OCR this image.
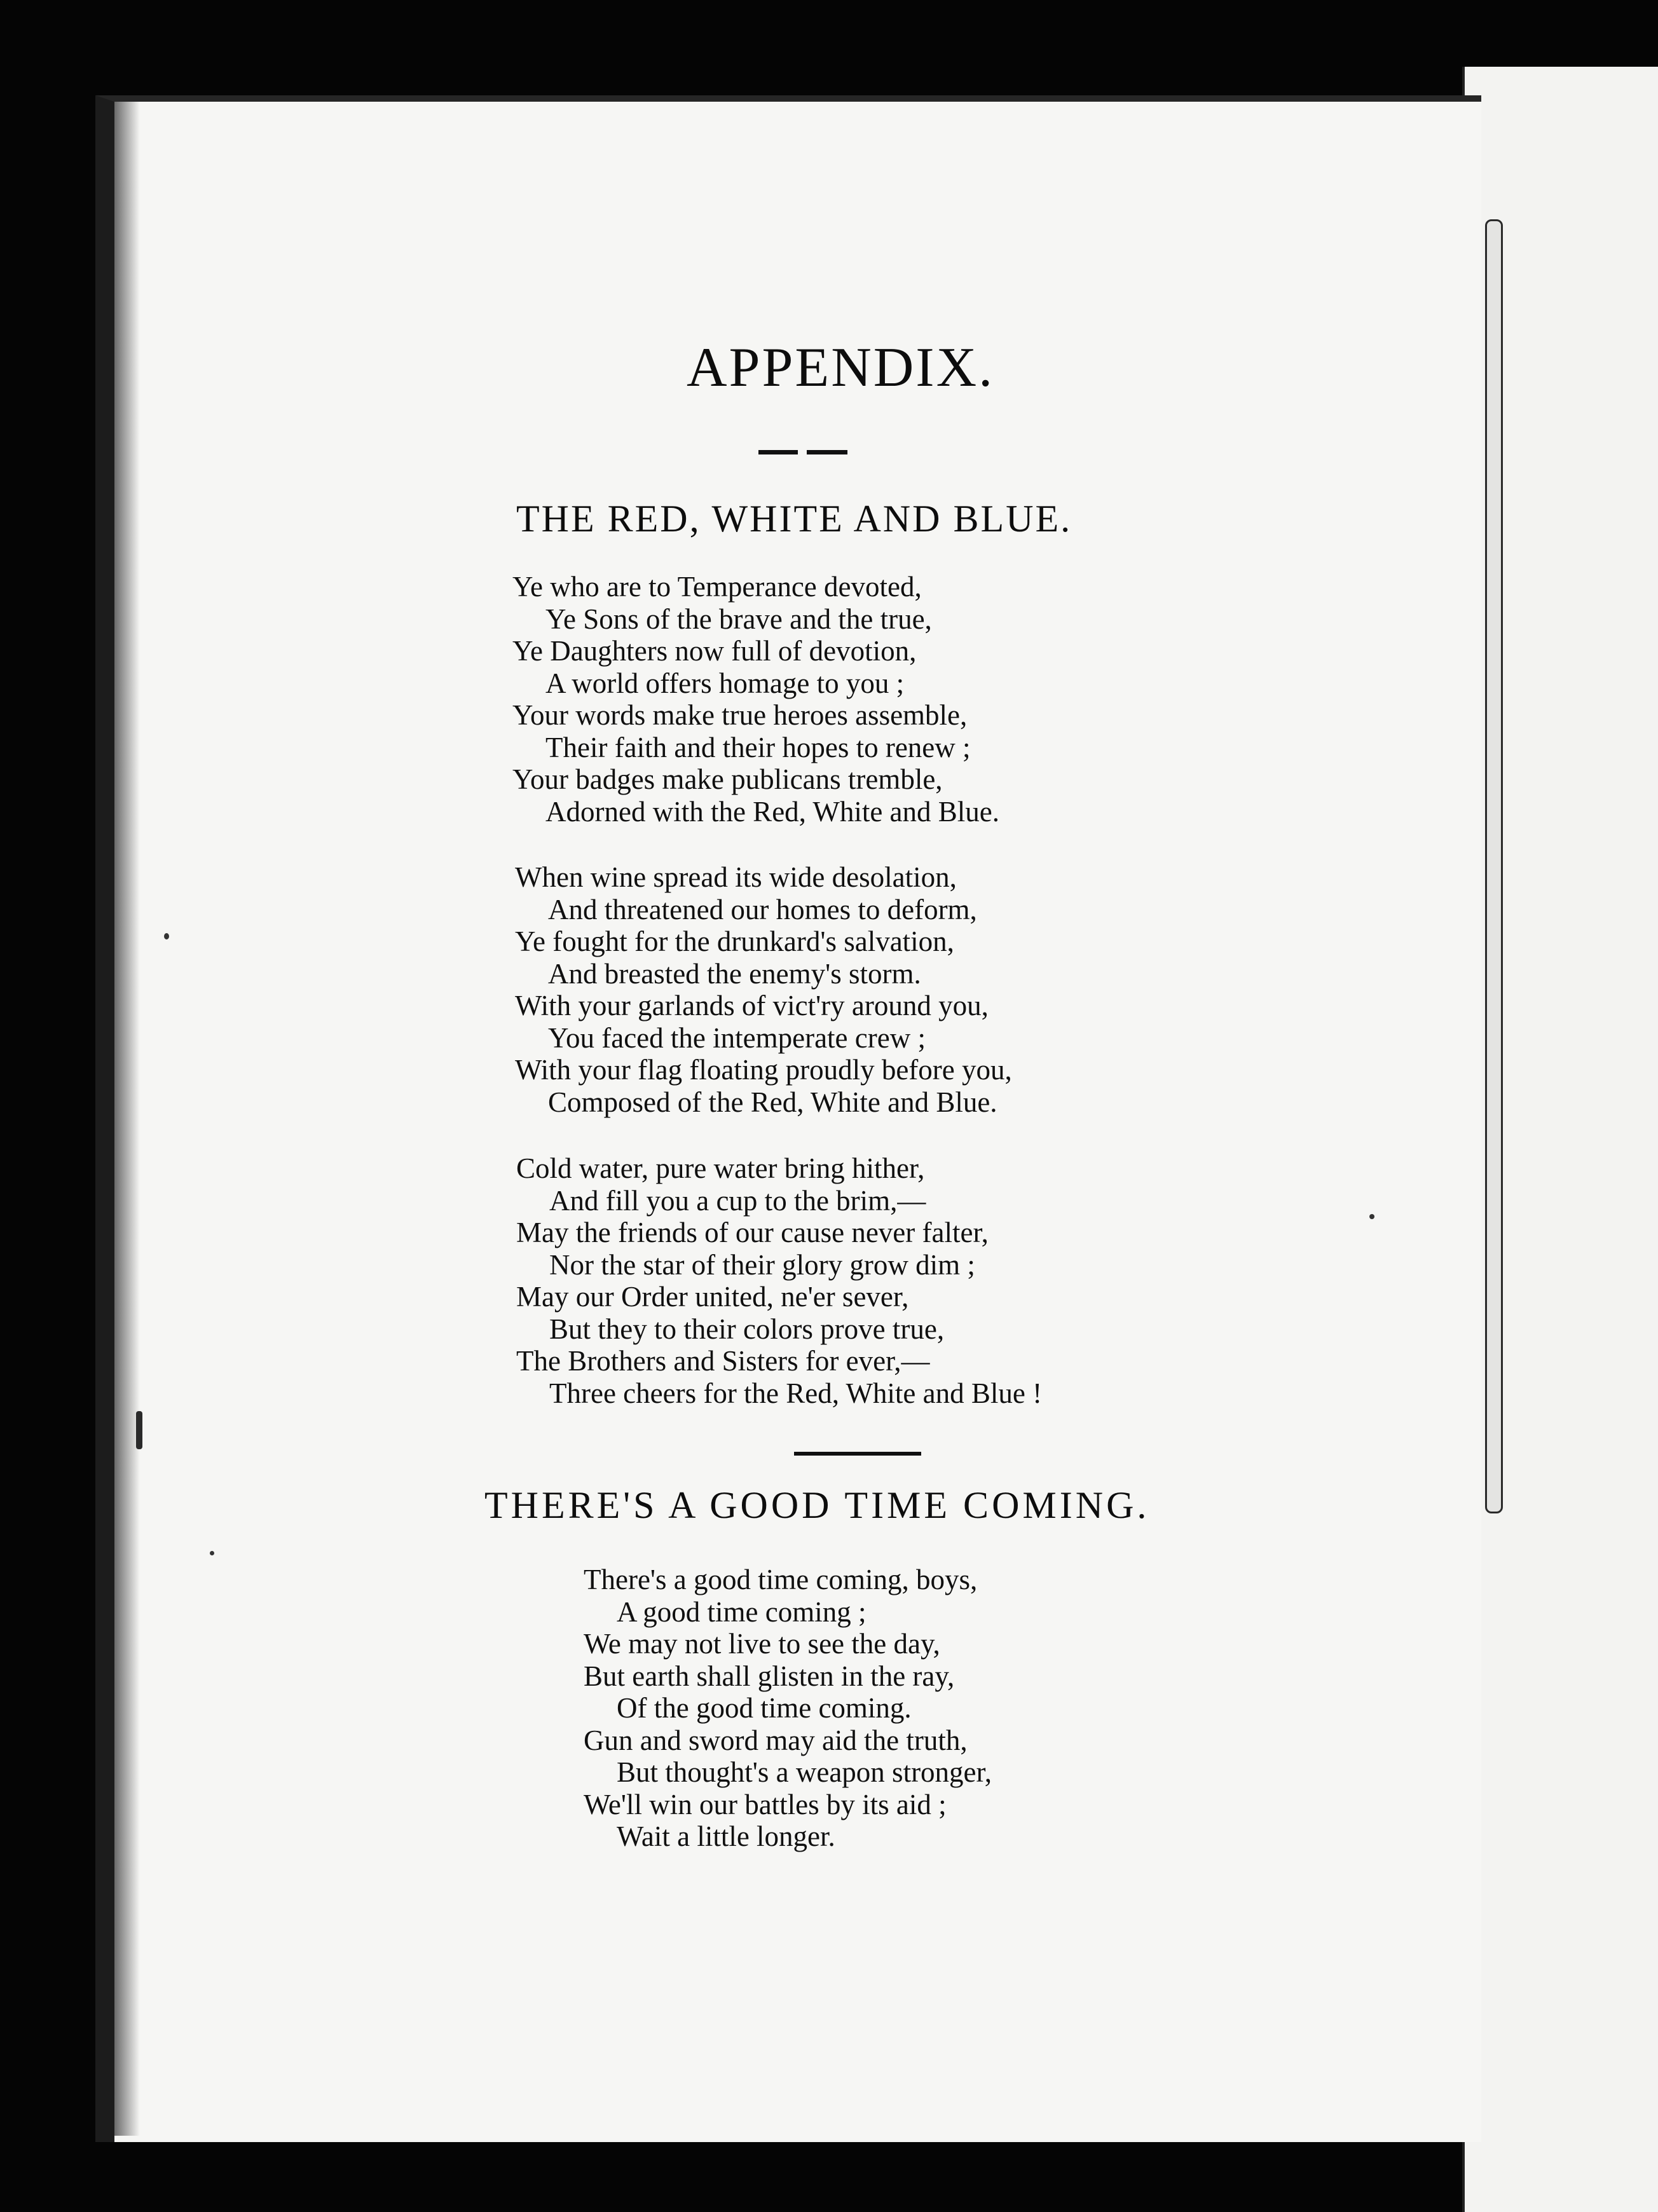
APPENDIX.
THE RED, WHITE AND BLUE.
Ye who are to Temperance devoted,
Ye Sons of the brave and the true,
Ye Daughters now full of devotion,
A world offers homage to you ;
Your words make true heroes assemble,
Their faith and their hopes to renew ;
Your badges make publicans tremble,
Adorned with the Red, White and Blue.
When wine spread its wide desolation,
And threatened our homes to deform,
Ye fought for the drunkard's salvation,
And breasted the enemy's storm.
With your garlands of vict'ry around you,
You faced the intemperate crew ;
With your flag floating proudly before you,
Composed of the Red, White and Blue.
Cold water, pure water bring hither,
And fill you a cup to the brim,—
May the friends of our cause never falter,
Nor the star of their glory grow dim ;
May our Order united, ne'er sever,
But they to their colors prove true,
The Brothers and Sisters for ever,—
Three cheers for the Red, White and Blue !
THERE'S A GOOD TIME COMING.
There's a good time coming, boys,
A good time coming ;
We may not live to see the day,
But earth shall glisten in the ray,
Of the good time coming.
Gun and sword may aid the truth,
But thought's a weapon stronger,
We'll win our battles by its aid ;
Wait a little longer.
